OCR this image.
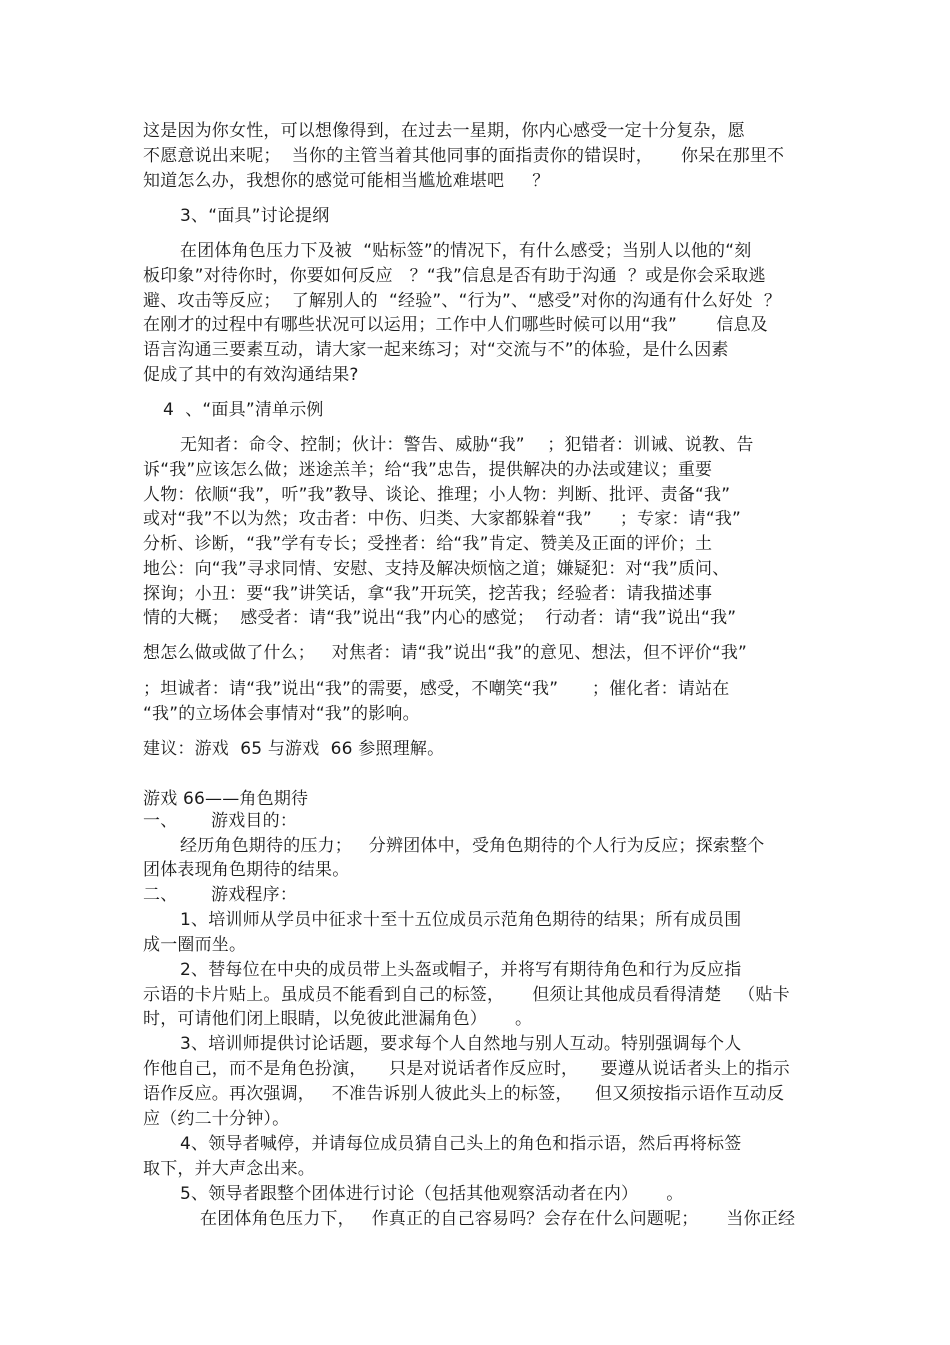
这是因为你女性，可以想像得到，在过去一星期，你内心感受一定十分复杂，愿
不愿意说出来呢；  当你的主管当着其他同事的面指责你的错误时，     你呆在那里不
知道怎么办，我想你的感觉可能相当尴尬难堪吧     ？
3、“面具”讨论提纲
在团体角色压力下及被  “贴标签”的情况下，有什么感受；当别人以他的“刻
板印象”对待你时，你要如何反应   ？“我”信息是否有助于沟通  ？或是你会采取逃
避、攻击等反应；  了解别人的  “经验”、“行为”、“感受”对你的沟通有什么好处  ？
在刚才的过程中有哪些状况可以运用；工作中人们哪些时候可以用“我”       信息及
语言沟通三要素互动，请大家一起来练习；对“交流与不”的体验，是什么因素
促成了其中的有效沟通结果?
4  、“面具”清单示例
无知者：命令、控制；伙计：警告、威胁“我”    ；犯错者：训诫、说教、告
诉“我”应该怎么做；迷途羔羊；给“我”忠告，提供解决的办法或建议；重要
人物：依顺“我”，听”我”教导、谈论、推理；小人物：判断、批评、责备“我”
或对“我”不以为然；攻击者：中伤、归类、大家都躲着“我”     ；专家：请“我”
分析、诊断，“我”学有专长；受挫者：给“我”肯定、赞美及正面的评价；土
地公：向“我”寻求同情、安慰、支持及解决烦恼之道；嫌疑犯：对“我”质问、
探询；小丑：要“我”讲笑话，拿“我”开玩笑，挖苦我；经验者：请我描述事
情的大概；  感受者：请“我”说出“我”内心的感觉；  行动者：请“我”说出“我”
想怎么做或做了什么；   对焦者：请“我”说出“我”的意见、想法，但不评价“我”
；坦诚者：请“我”说出“我”的需要，感受，不嘲笑“我”      ；催化者：请站在
“我”的立场体会事情对“我”的影响。
建议：游戏  65 与游戏  66 参照理解。
游戏 66——角色期待
一、      游戏目的：
经历角色期待的压力；   分辨团体中，受角色期待的个人行为反应；探索整个
团体表现角色期待的结果。
二、      游戏程序：
1、培训师从学员中征求十至十五位成员示范角色期待的结果；所有成员围
成一圈而坐。
2、替每位在中央的成员带上头盔或帽子，并将写有期待角色和行为反应指
示语的卡片贴上。虽成员不能看到自己的标签，     但须让其他成员看得清楚   （贴卡
时，可请他们闭上眼睛，以免彼此泄漏角色）     。
3、培训师提供讨论话题，要求每个人自然地与别人互动。特别强调每个人
作他自己，而不是角色扮演，    只是对说话者作反应时，    要遵从说话者头上的指示
语作反应。再次强调，   不准告诉别人彼此头上的标签，    但又须按指示语作互动反
应（约二十分钟）。
4、领导者喊停，并请每位成员猜自己头上的角色和指示语，然后再将标签
取下，并大声念出来。
5、领导者跟整个团体进行讨论（包括其他观察活动者在内）     。
在团体角色压力下，   作真正的自己容易吗？会存在什么问题呢；     当你正经
